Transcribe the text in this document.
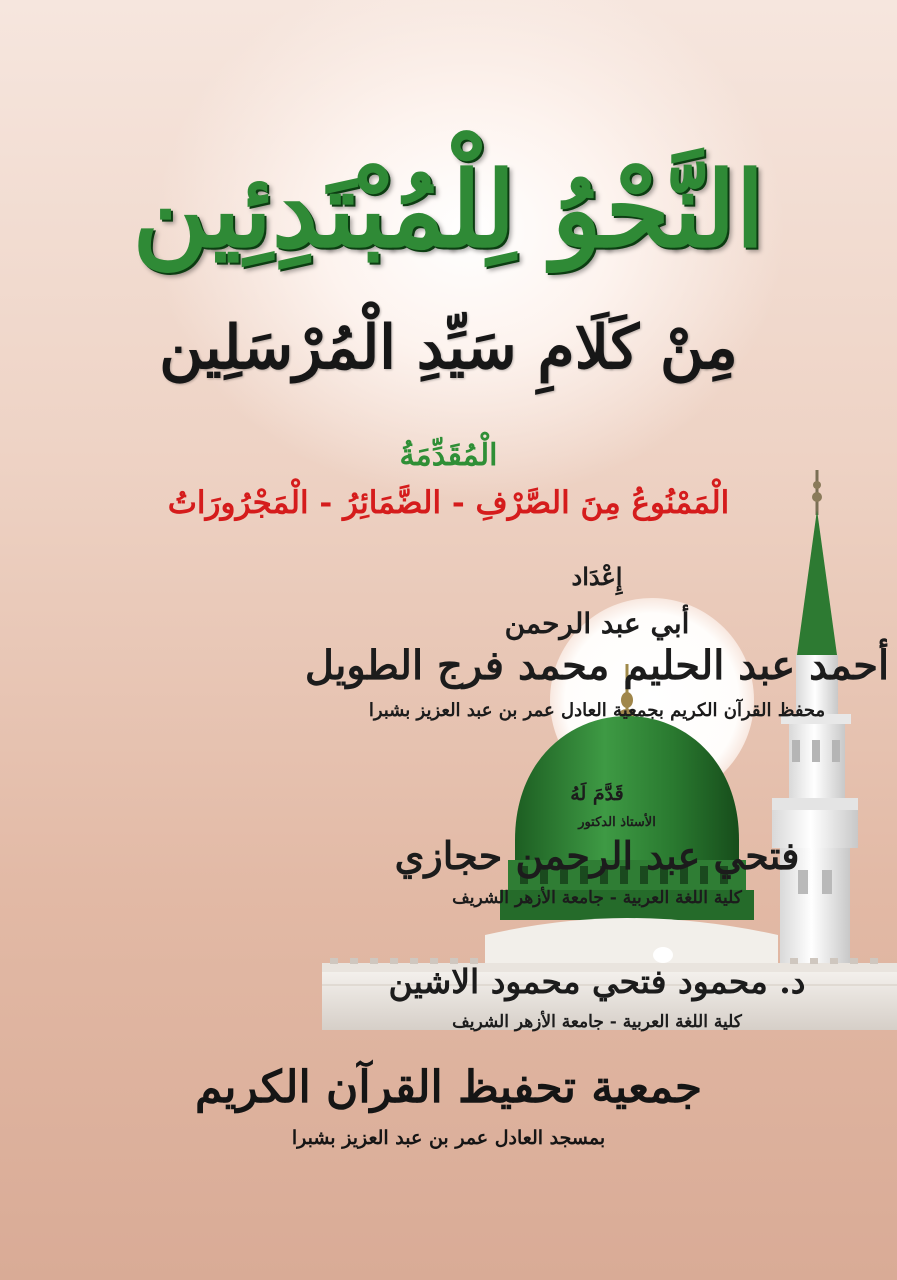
النَّحْوُ لِلْمُبْتَدِئِين
مِنْ كَلَامِ سَيِّدِ الْمُرْسَلِين
الْمُقَدِّمَةُ
الْمَمْنُوعُ مِنَ الصَّرْفِ - الضَّمَائِرُ - الْمَجْرُورَاتُ
إِعْدَاد
أبي عبد الرحمن
أحمد عبد الحليم محمد فرج الطويل
محفظ القرآن الكريم بجمعية العادل عمر بن عبد العزيز بشبرا
قَدَّمَ لَهُ
الأستاذ الدكتور
فتحي عبد الرحمن حجازي
كلية اللغة العربية - جامعة الأزهر الشريف
د. محمود فتحي محمود الاشين
كلية اللغة العربية - جامعة الأزهر الشريف
جمعية تحفيظ القرآن الكريم
بمسجد العادل عمر بن عبد العزيز بشبرا
